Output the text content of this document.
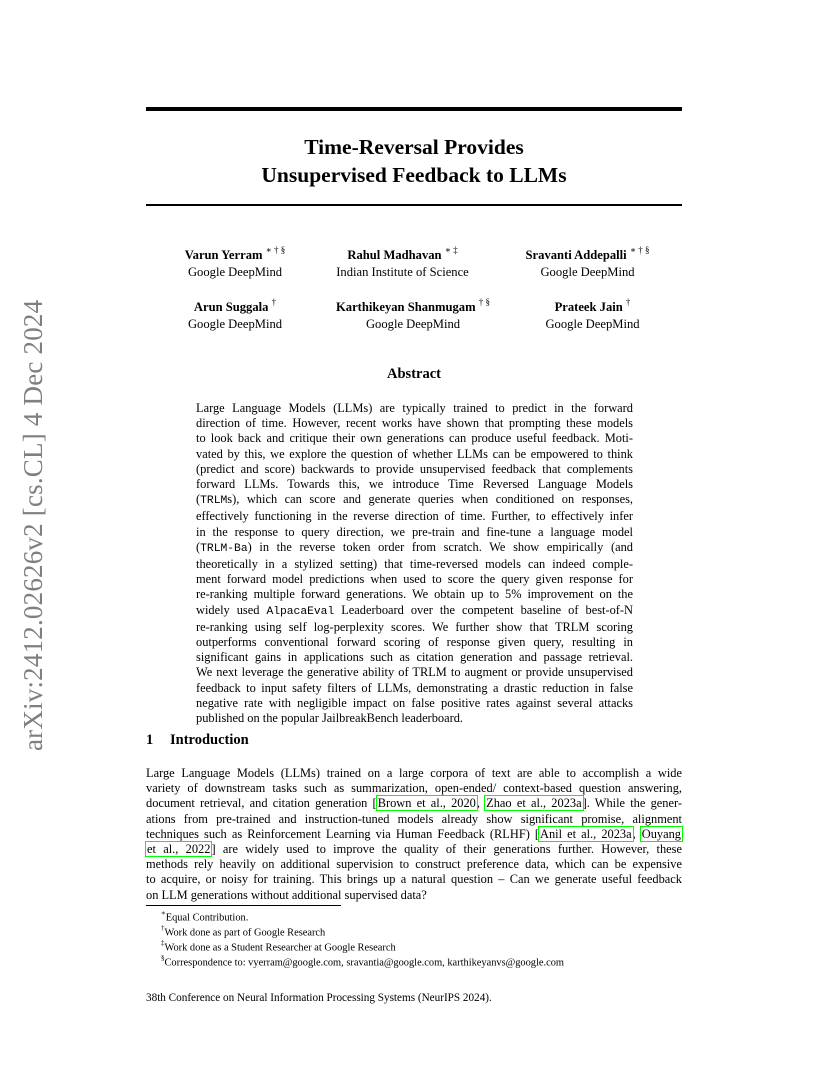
arXiv:2412.02626v2 [cs.CL] 4 Dec 2024
Time-Reversal Provides
Unsupervised Feedback to LLMs
Varun Yerram ∗ † §
Google DeepMind
Rahul Madhavan ∗ ‡
Indian Institute of Science
Sravanti Addepalli ∗ † §
Google DeepMind
Arun Suggala †
Google DeepMind
Karthikeyan Shanmugam † §
Google DeepMind
Prateek Jain †
Google DeepMind
Abstract
Large Language Models (LLMs) are typically trained to predict in the forward
direction of time. However, recent works have shown that prompting these models
to look back and critique their own generations can produce useful feedback. Moti-
vated by this, we explore the question of whether LLMs can be empowered to think
(predict and score) backwards to provide unsupervised feedback that complements
forward LLMs. Towards this, we introduce Time Reversed Language Models
(TRLMs), which can score and generate queries when conditioned on responses,
effectively functioning in the reverse direction of time. Further, to effectively infer
in the response to query direction, we pre-train and fine-tune a language model
(TRLM-Ba) in the reverse token order from scratch. We show empirically (and
theoretically in a stylized setting) that time-reversed models can indeed comple-
ment forward model predictions when used to score the query given response for
re-ranking multiple forward generations. We obtain up to 5% improvement on the
widely used AlpacaEval Leaderboard over the competent baseline of best-of-N
re-ranking using self log-perplexity scores. We further show that TRLM scoring
outperforms conventional forward scoring of response given query, resulting in
significant gains in applications such as citation generation and passage retrieval.
We next leverage the generative ability of TRLM to augment or provide unsupervised
feedback to input safety filters of LLMs, demonstrating a drastic reduction in false
negative rate with negligible impact on false positive rates against several attacks
published on the popular JailbreakBench leaderboard.
1 Introduction
Large Language Models (LLMs) trained on a large corpora of text are able to accomplish a wide
variety of downstream tasks such as summarization, open-ended/ context-based question answering,
document retrieval, and citation generation [Brown et al., 2020, Zhao et al., 2023a]. While the gener-
ations from pre-trained and instruction-tuned models already show significant promise, alignment
techniques such as Reinforcement Learning via Human Feedback (RLHF) [Anil et al., 2023a, Ouyang
et al., 2022] are widely used to improve the quality of their generations further. However, these
methods rely heavily on additional supervision to construct preference data, which can be expensive
to acquire, or noisy for training. This brings up a natural question – Can we generate useful feedback
on LLM generations without additional supervised data?
∗Equal Contribution.
†Work done as part of Google Research
‡Work done as a Student Researcher at Google Research
§Correspondence to: vyerram@google.com, sravantia@google.com, karthikeyanvs@google.com
38th Conference on Neural Information Processing Systems (NeurIPS 2024).
